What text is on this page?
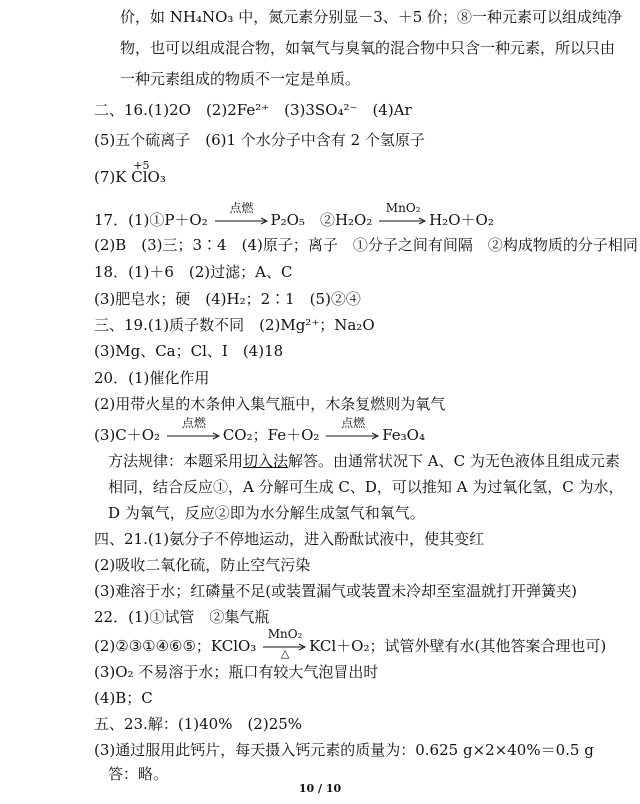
价，如 NH₄NO₃ 中，氮元素分别显－3、＋5 价；⑧一种元素可以组成纯净
物，也可以组成混合物，如氧气与臭氧的混合物中只含一种元素，所以只由
一种元素组成的物质不一定是单质。
二、16.(1)2O　(2)2Fe²⁺　(3)3SO₄²⁻　(4)Ar
(5)五个硫离子　(6)1 个水分子中含有 2 个氢原子
(7)K
+5
ClO₃
17．(1)①P＋O₂
点燃
P₂O₅　②H₂O₂
MnO₂
H₂O＋O₂
(2)B　(3)三；3∶4　(4)原子；离子　①分子之间有间隔　②构成物质的分子相同
18．(1)＋6　(2)过滤；A、C
(3)肥皂水；硬　(4)H₂；2∶1　(5)②④
三、19.(1)质子数不同　(2)Mg²⁺；Na₂O
(3)Mg、Ca；Cl、I　(4)18
20．(1)催化作用
(2)用带火星的木条伸入集气瓶中，木条复燃则为氧气
(3)C＋O₂
点燃
CO₂；Fe＋O₂
点燃
Fe₃O₄
方法规律：本题采用切入法解答。由通常状况下 A、C 为无色液体且组成元素
相同，结合反应①，A 分解可生成 C、D，可以推知 A 为过氧化氢，C 为水，
D 为氧气，反应②即为水分解生成氢气和氧气。
四、21.(1)氨分子不停地运动，进入酚酞试液中，使其变红
(2)吸收二氧化硫，防止空气污染
(3)难溶于水；红磷量不足(或装置漏气或装置未冷却至室温就打开弹簧夹)
22．(1)①试管　②集气瓶
(2)②③①④⑥⑤；KClO₃
MnO₂
△	KCl＋O₂；试管外壁有水(其他答案合理也可)
(3)O₂ 不易溶于水；瓶口有较大气泡冒出时
(4)B；C
五、23.解：(1)40%　(2)25%
(3)通过服用此钙片，每天摄入钙元素的质量为：0.625 g×2×40%＝0.5 g
答：略。
10 / 10
